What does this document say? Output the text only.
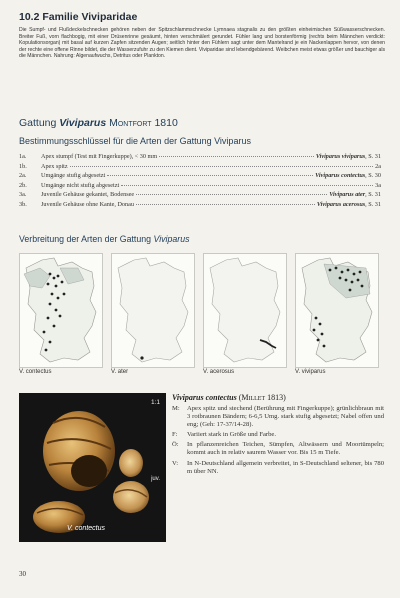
10.2 Familie Viviparidae
Die Sumpf- und Flußdeckelschnecken gehören neben der Spitzschlammschnecke Lymnaea stagnalis zu den größten einheimischen Süßwasserschnecken. Breiter Fuß, vorn flachbogig, mit einer Drüsenrinne gesäumt, hinten verschmälert gerundet. Fühler lang und borstenförmig (rechts beim Männchen verdickt: Kopulationsorgan) mit basal auf kurzen Zapfen sitzenden Augen; seitlich hinter den Fühlern sagt unter dem Mantelrand je ein Nackenlappen hervor, von denen der rechte eine offene Rinne bildet, die der Wasserzufuhr zu den Kiemen dient. Viviparidae sind lebendgebärend. Weibchen meist etwas größer und bauchiger als die Männchen. Nahrung: Algenaufwuchs, Detritus oder Plankton.
Gattung Viviparus Montfort 1810
Bestimmungsschlüssel für die Arten der Gattung Viviparus
1a.	Apex stumpf (Test mit Fingerkuppe), < 30 mm	Viviparus viviparus, S. 31
1b.	Apex spitz	2a
2a.	Umgänge stufig abgesetzt	Viviparus contectus, S. 30
2b.	Umgänge nicht stufig abgesetzt	3a
3a.	Juvenile Gehäuse gekantet, Bodensee	Viviparus ater, S. 31
3b.	Juvenile Gehäuse ohne Kante, Donau	Viviparus acerosus, S. 31
Verbreitung der Arten der Gattung Viviparus
V. contectus	V. ater	V. acerosus	V. viviparus
1:1
juv.
V. contectus
Viviparus contectus (Millet 1813)
M:	Apex spitz und stechend (Berührung mit Fingerkuppe); grünlichbraun mit 3 rotbraunen Bändern; 6-6,5 Umg. stark stufig abgesetzt; Nabel offen und eng; (Geh: 17-37/14-28).
F:	Variiert stark in Größe und Farbe.
Ö:	In pflanzenreichen Teichen, Sümpfen, Altwässern und Moortümpeln; kommt auch in relativ saurem Wasser vor. Bis 15 m Tiefe.
V:	In N-Deutschland allgemein verbreitet, in S-Deutschland seltener, bis 780 m über NN.
30
